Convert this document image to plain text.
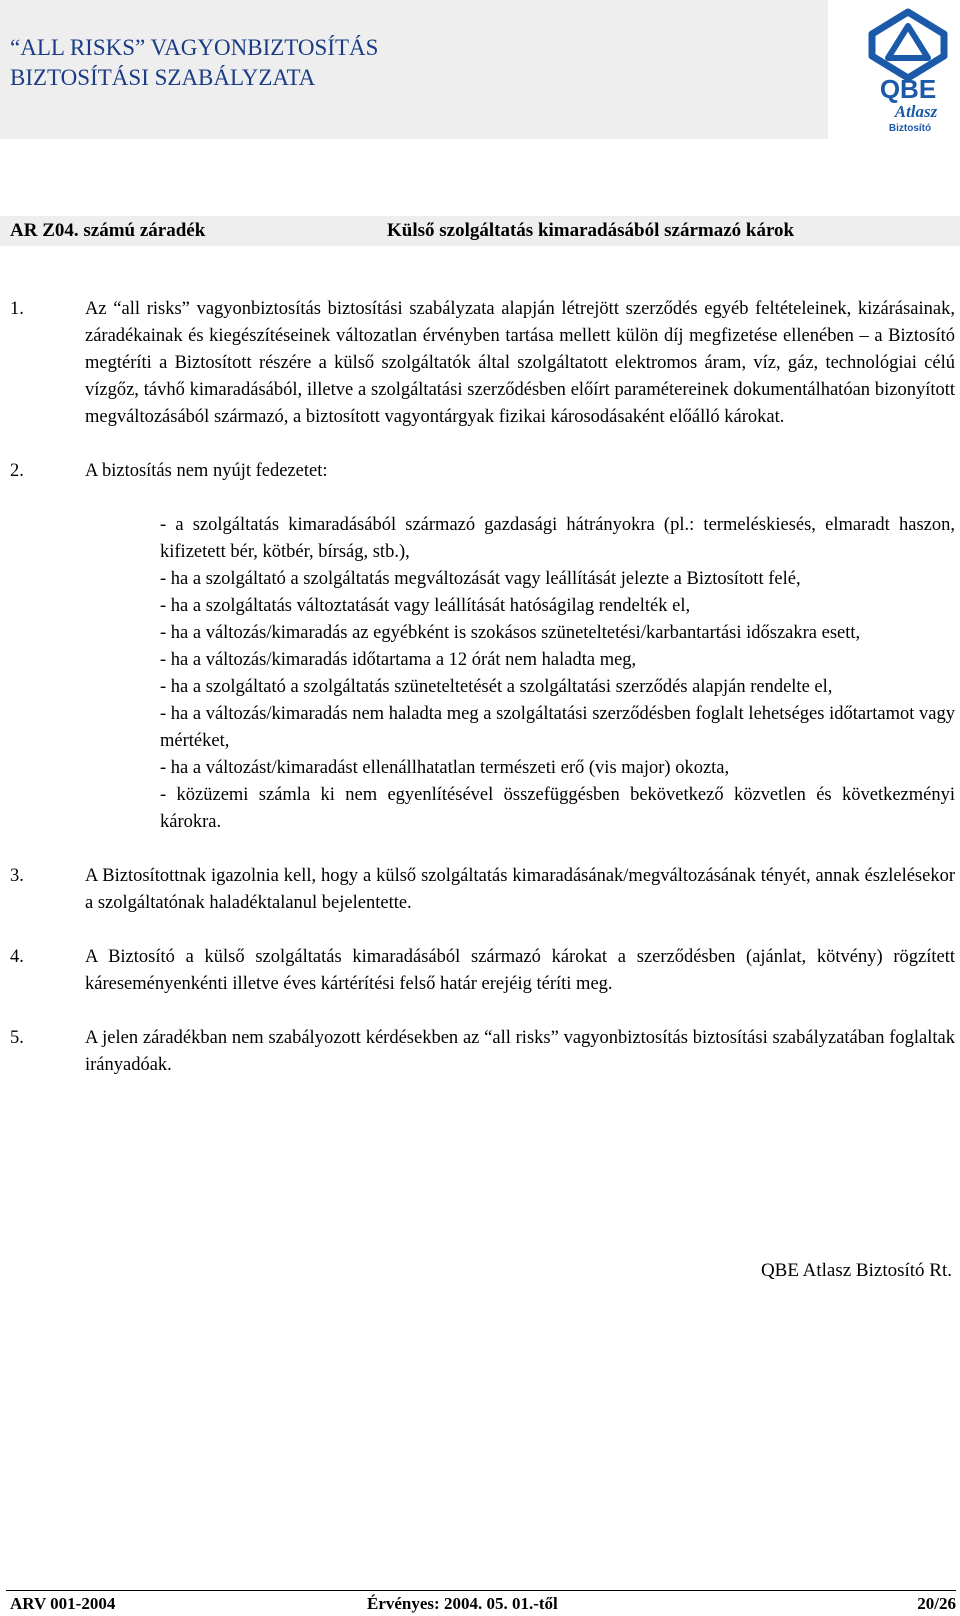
“ALL RISKS” VAGYONBIZTOSÍTÁS
BIZTOSÍTÁSI SZABÁLYZATA	QBE
Atlasz
Biztosító
AR Z04. számú záradék	Külső szolgáltatás kimaradásából származó károk
1.	Az “all risks” vagyonbiztosítás biztosítási szabályzata alapján létrejött szerződés egyéb feltételeinek, kizárásainak, záradékainak és kiegészítéseinek változatlan érvényben tartása mellett külön díj megfizetése ellenében – a Biztosító megtéríti a Biztosított részére a külső szolgáltatók által szolgáltatott elektromos áram, víz, gáz, technológiai célú vízgőz, távhő kimaradásából, illetve a szolgáltatási szerződésben előírt paramétereinek dokumentálhatóan bizonyított megváltozásából származó, a biztosított vagyontárgyak fizikai károsodásaként előálló károkat.
2.	A biztosítás nem nyújt fedezetet:
- a szolgáltatás kimaradásából származó gazdasági hátrányokra (pl.: termeléskiesés, elmaradt haszon, kifizetett bér, kötbér, bírság, stb.),
- ha a szolgáltató a szolgáltatás megváltozását vagy leállítását jelezte a Biztosított felé,
- ha a szolgáltatás változtatását vagy leállítását hatóságilag rendelték el,
- ha a változás/kimaradás az egyébként is szokásos szüneteltetési/karbantartási időszakra esett,
- ha a változás/kimaradás időtartama a 12 órát nem haladta meg,
- ha a szolgáltató a szolgáltatás szüneteltetését a szolgáltatási szerződés alapján rendelte el,
- ha a változás/kimaradás nem haladta meg a szolgáltatási szerződésben foglalt lehetséges időtartamot vagy mértéket,
- ha a változást/kimaradást ellenállhatatlan természeti erő (vis major) okozta,
- közüzemi számla ki nem egyenlítésével összefüggésben bekövetkező közvetlen és következményi károkra.
3.	A Biztosítottnak igazolnia kell, hogy a külső szolgáltatás kimaradásának/megváltozásának tényét, annak észlelésekor a szolgáltatónak haladéktalanul bejelentette.
4.	A Biztosító a külső szolgáltatás kimaradásából származó károkat a szerződésben (ajánlat, kötvény) rögzített káreseményenkénti illetve éves kártérítési felső határ erejéig téríti meg.
5.	A jelen záradékban nem szabályozott kérdésekben az “all risks” vagyonbiztosítás biztosítási szabályzatában foglaltak irányadóak.
QBE Atlasz Biztosító Rt.
ARV 001-2004	Érvényes: 2004. 05. 01.-től	20/26
